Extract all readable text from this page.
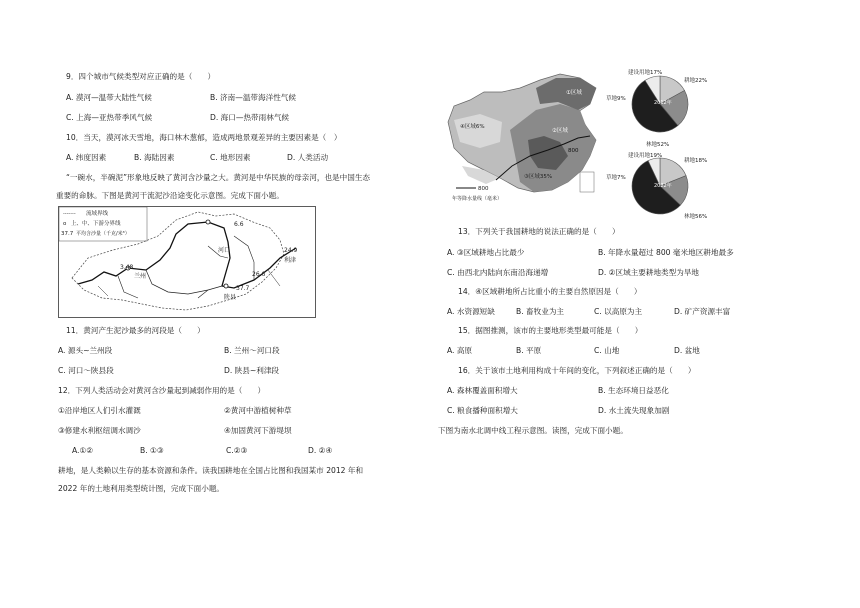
9．四个城市气候类型对应正确的是（　　）
A. 漠河—温带大陆性气候	B. 济南—温带海洋性气候
C. 上海—亚热带季风气候	D. 海口—热带雨林气候
10．当天，漠河冰天雪地，海口林木葱郁，造成两地景观差异的主要因素是（　）
A. 纬度因素	B. 海陆因素	C. 地形因素	D. 人类活动
“一碗水，半碗泥”形象地反映了黄河含沙量之大。黄河是中华民族的母亲河，也是中国生态
重要的命脉。下图是黄河干流泥沙沿途变化示意图。完成下面小题。
------- 流域界线
o 上、中、下游分界线
37.7 平均含沙量（千克/米³）
河口
兰州
陕县
利津
6.6
3.48
37.7
26.6
24.9
11．黄河产生泥沙最多的河段是（　　）
A. 源头~兰州段	B. 兰州～河口段
C. 河口～陕县段	D. 陕县~利津段
12．下列人类活动会对黄河含沙量起到减弱作用的是（　　）
①沿岸地区人们引水灌溉	②黄河中游植树种草
③修建水利枢纽调水调沙	④加固黄河下游堤坝
A.①②	B. ①③	C.②③	D. ②④
耕地，是人类赖以生存的基本资源和条件。读我国耕地在全国占比图和我国某市 2012 年和
2022 年的土地利用类型统计图，完成下面小题。
④区域6%
①区域
②区域
③区域35%
800
800
年等降水量线（毫米）
2012年
2022年
建设用地17%
耕地22%
林地52%
草地9%
建设用地19%
耕地18%
林地56%
草地7%
13．下列关于我国耕地的说法正确的是（　　）
A. ③区域耕地占比最少	B. 年降水量超过 800 毫米地区耕地最多
C. 由西北内陆向东南沿海递增	D. ②区域主要耕地类型为旱地
14．④区域耕地所占比重小的主要自然原因是（　　）
A. 水资源短缺	B. 畜牧业为主	C. 以高原为主	D. 矿产资源丰富
15．据图推测，该市的主要地形类型最可能是（　　）
A. 高原	B. 平原	C. 山地	D. 盆地
16．关于该市土地利用构成十年间的变化，下列叙述正确的是（　　）
A. 森林覆盖面积增大	B. 生态环境日益恶化
C. 粮食播种面积增大	D. 水土流失现象加剧
下图为南水北调中线工程示意图。读图，完成下面小题。
